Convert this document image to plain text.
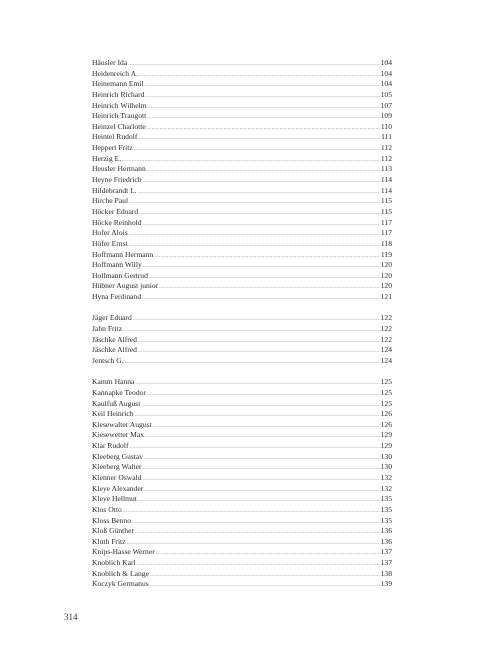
Häusler Ida .....	104
Heidenreich A. .....	104
Heinemann Emil .....	104
Heinrich Richard .....	105
Heinrich Wilhelm .....	107
Heinrich Traugott .....	109
Heinzel Charlotte .....	110
Heintel Rudolf .....	111
Heppert Fritz .....	112
Herzig E. .....	112
Heusler Hermann .....	113
Heyne Friedrich .....	114
Hildebrandt L. .....	114
Hirche Paul .....	115
Höcker Eduard .....	115
Höcke Reinhold .....	117
Hofer Alois .....	117
Höfer Ernst .....	118
Hoffmann Hermann .....	119
Hoffmann Willy .....	120
Hollmann Gertrud .....	120
Hübner August junior .....	120
Hyna Ferdinand .....	121
Jäger Eduard .....	122
Jahn Fritz .....	122
Jäschke Alfred .....	122
Jäschke Alfred .....	124
Jentsch G. .....	124
Kamm Hanna .....	125
Kannapke Teodor .....	125
Kaulfuß August .....	125
Keil Heinrich .....	126
Kiesewalter August .....	126
Kiesewetter Max .....	129
Klar Rudolf .....	129
Kleeberg Gustav .....	130
Kleeberg Walter .....	130
Klenner Oswald .....	132
Kleye Alexander .....	132
Kleye Hellmut .....	135
Klos Otto .....	135
Kloss Benno .....	135
Kloß Günther .....	136
Kluth Fritz .....	136
Knips-Hasse Werner .....	137
Knoblich Karl .....	137
Knoblich & Lange .....	138
Koczyk Germanus .....	139
314
